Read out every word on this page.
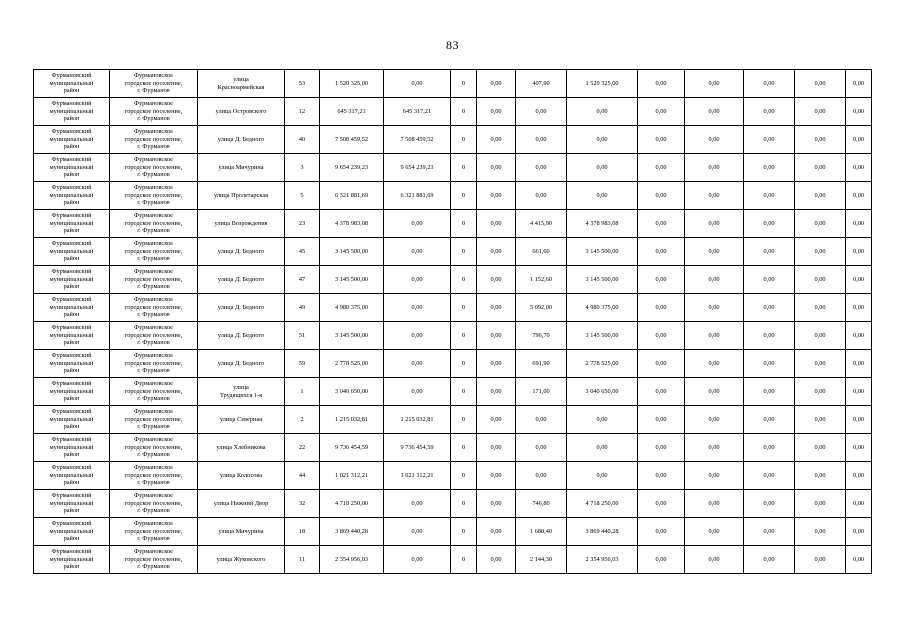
83
Фурмановский
муниципальный
район	Фурмановское
городское поселение,
г. Фурманов	улица
Красноармейская	53	1 520 325,00	0,00	0	0,00	407,90	1 520 325,00	0,00	0,00	0,00	0,00	0,00
Фурмановский
муниципальный
район	Фурмановское
городское поселение,
г. Фурманов	улица Островского	12	645 317,21	645 317,21	0	0,00	0,00	0,00	0,00	0,00	0,00	0,00	0,00
Фурмановский
муниципальный
район	Фурмановское
городское поселение,
г. Фурманов	улица Д. Бедного	40	7 508 459,52	7 508 459,52	0	0,00	0,00	0,00	0,00	0,00	0,00	0,00	0,00
Фурмановский
муниципальный
район	Фурмановское
городское поселение,
г. Фурманов	улица Мичурина	3	9 654 239,23	9 654 239,23	0	0,00	0,00	0,00	0,00	0,00	0,00	0,00	0,00
Фурмановский
муниципальный
район	Фурмановское
городское поселение,
г. Фурманов	улица Пролетарская	5	6 321 881,69	6 321 881,69	0	0,00	0,00	0,00	0,00	0,00	0,00	0,00	0,00
Фурмановский
муниципальный
район	Фурмановское
городское поселение,
г. Фурманов	улица Возрождения	23	4 378 983,08	0,00	0	0,00	4 415,90	4 378 983,08	0,00	0,00	0,00	0,00	0,00
Фурмановский
муниципальный
район	Фурмановское
городское поселение,
г. Фурманов	улица Д. Бедного	45	3 145 500,00	0,00	0	0,00	661,60	3 145 500,00	0,00	0,00	0,00	0,00	0,00
Фурмановский
муниципальный
район	Фурмановское
городское поселение,
г. Фурманов	улица Д. Бедного	47	3 145 500,00	0,00	0	0,00	1 152,60	3 145 500,00	0,00	0,00	0,00	0,00	0,00
Фурмановский
муниципальный
район	Фурмановское
городское поселение,
г. Фурманов	улица Д. Бедного	49	4 980 375,00	0,00	0	0,00	5 092,00	4 980 375,00	0,00	0,00	0,00	0,00	0,00
Фурмановский
муниципальный
район	Фурмановское
городское поселение,
г. Фурманов	улица Д. Бедного	51	3 145 500,00	0,00	0	0,00	796,70	3 145 500,00	0,00	0,00	0,00	0,00	0,00
Фурмановский
муниципальный
район	Фурмановское
городское поселение,
г. Фурманов	улица Д. Бедного	59	2 778 525,00	0,00	0	0,00	691,90	2 778 525,00	0,00	0,00	0,00	0,00	0,00
Фурмановский
муниципальный
район	Фурмановское
городское поселение,
г. Фурманов	улица
Трудящихся 1-я	1	3 040 650,00	0,00	0	0,00	171,00	3 040 650,00	0,00	0,00	0,00	0,00	0,00
Фурмановский
муниципальный
район	Фурмановское
городское поселение,
г. Фурманов	улица Северная	2	1 215 032,81	1 215 032,81	0	0,00	0,00	0,00	0,00	0,00	0,00	0,00	0,00
Фурмановский
муниципальный
район	Фурмановское
городское поселение,
г. Фурманов	улица Хлебникова	22	9 736 454,59	9 736 454,59	0	0,00	0,00	0,00	0,00	0,00	0,00	0,00	0,00
Фурмановский
муниципальный
район	Фурмановское
городское поселение,
г. Фурманов	улица Колосова	44	1 021 312,21	1 021 312,21	0	0,00	0,00	0,00	0,00	0,00	0,00	0,00	0,00
Фурмановский
муниципальный
район	Фурмановское
городское поселение,
г. Фурманов	улица Нижний Двор	32	4 718 250,00	0,00	0	0,00	746,80	4 718 250,00	0,00	0,00	0,00	0,00	0,00
Фурмановский
муниципальный
район	Фурмановское
городское поселение,
г. Фурманов	улица Мичурина	18	3 869 440,28	0,00	0	0,00	1 680,40	3 869 440,28	0,00	0,00	0,00	0,00	0,00
Фурмановский
муниципальный
район	Фурмановское
городское поселение,
г. Фурманов	улица Жуковского	11	2 354 956,03	0,00	0	0,00	2 144,30	2 354 956,03	0,00	0,00	0,00	0,00	0,00
